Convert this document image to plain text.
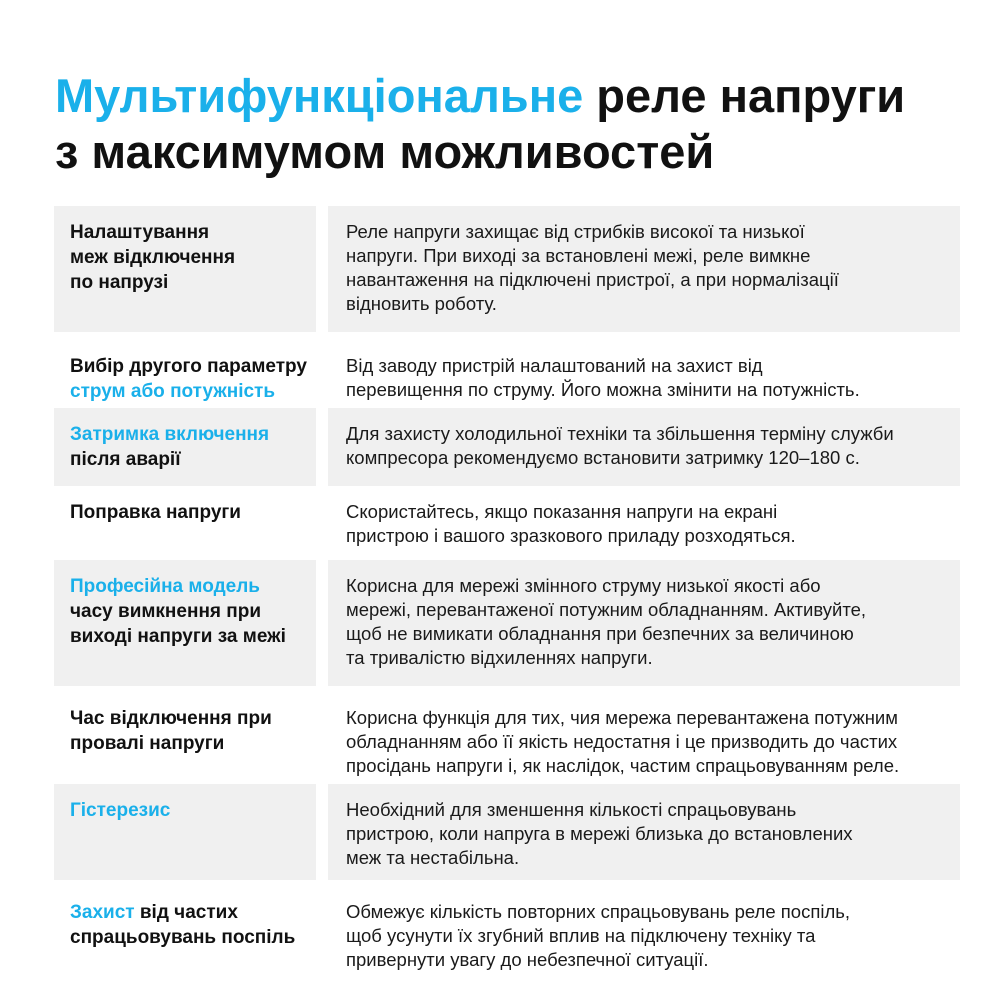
Мультифункціональне реле напруги
з максимумом можливостей
Налаштування
меж відключення
по напрузі
Реле напруги захищає від стрибків високої та низької
напруги. При виході за встановлені межі, реле вимкне
навантаження на підключені пристрої, а при нормалізації
відновить роботу.
Вибір другого параметру
струм або потужність
Від заводу пристрій налаштований на захист від
перевищення по струму. Його можна змінити на потужність.
Затримка включення
після аварії
Для захисту холодильної техніки та збільшення терміну служби
компресора рекомендуємо встановити затримку 120–180 с.
Поправка напруги	Скористайтесь, якщо показання напруги на екрані
пристрою і вашого зразкового приладу розходяться.
Професійна модель
часу вимкнення при
виході напруги за межі
Корисна для мережі змінного струму низької якості або
мережі, перевантаженої потужним обладнанням. Активуйте,
щоб не вимикати обладнання при безпечних за величиною
та тривалістю відхиленнях напруги.
Час відключення при
провалі напруги
Корисна функція для тих, чия мережа перевантажена потужним
обладнанням або її якість недостатня і це призводить до частих
просідань напруги і, як наслідок, частим спрацьовуванням реле.
Гістерезис	Необхідний для зменшення кількості спрацьовувань
пристрою, коли напруга в мережі близька до встановлених
меж та нестабільна.
Захист від частих
спрацьовувань поспіль
Обмежує кількість повторних спрацьовувань реле поспіль,
щоб усунути їх згубний вплив на підключену техніку та
привернути увагу до небезпечної ситуації.
